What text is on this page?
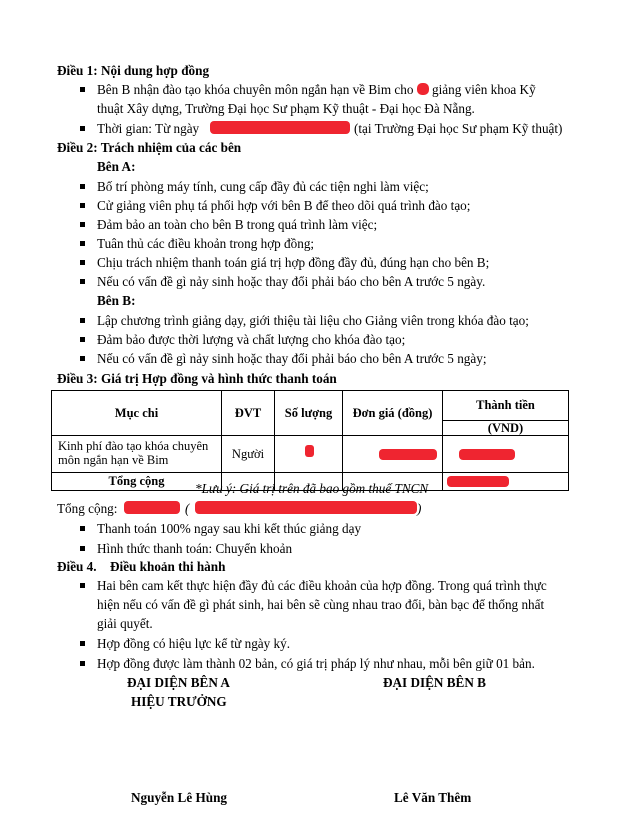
Điều 1: Nội dung hợp đồng
Bên B nhận đào tạo khóa chuyên môn ngắn hạn về Bim cho giảng viên khoa Kỹ
thuật Xây dựng, Trường Đại học Sư phạm Kỹ thuật - Đại học Đà Nẵng.
Thời gian: Từ ngày	(tại Trường Đại học Sư phạm Kỹ thuật)
Điều 2: Trách nhiệm của các bên
Bên A:
Bố trí phòng máy tính, cung cấp đầy đủ các tiện nghi làm việc;
Cử giảng viên phụ tá phối hợp với bên B để theo dõi quá trình đào tạo;
Đảm bảo an toàn cho bên B trong quá trình làm việc;
Tuân thủ các điều khoản trong hợp đồng;
Chịu trách nhiệm thanh toán giá trị hợp đồng đầy đủ, đúng hạn cho bên B;
Nếu có vấn đề gì nảy sinh hoặc thay đổi phải báo cho bên A trước 5 ngày.
Bên B:
Lập chương trình giảng dạy, giới thiệu tài liệu cho Giảng viên trong khóa đào tạo;
Đảm bảo được thời lượng và chất lượng cho khóa đào tạo;
Nếu có vấn đề gì nảy sinh hoặc thay đổi phải báo cho bên A trước 5 ngày;
Điều 3: Giá trị Hợp đồng và hình thức thanh toán
Mục chi	ĐVT	Số lượng	Đơn giá (đồng)	Thành tiền
				(VND)

Kinh phí đào tạo khóa chuyên
môn ngắn hạn về Bim	Người	

Tổng cộng				*Lưu ý: Giá trị trên đã bao gồm thuế TNCN
Tổng cộng:	(	)
Thanh toán 100% ngay sau khi kết thúc giảng dạy
Hình thức thanh toán: Chuyển khoản
Điều 4. Điều khoản thi hành
Hai bên cam kết thực hiện đầy đủ các điều khoản của hợp đồng. Trong quá trình thực
hiện nếu có vấn đề gì phát sinh, hai bên sẽ cùng nhau trao đổi, bàn bạc để thống nhất
giải quyết.
Hợp đồng có hiệu lực kể từ ngày ký.
Hợp đồng được làm thành 02 bản, có giá trị pháp lý như nhau, mỗi bên giữ 01 bản.
ĐẠI DIỆN BÊN A
HIỆU TRƯỞNG
ĐẠI DIỆN BÊN B
Nguyễn Lê Hùng	Lê Văn Thêm
